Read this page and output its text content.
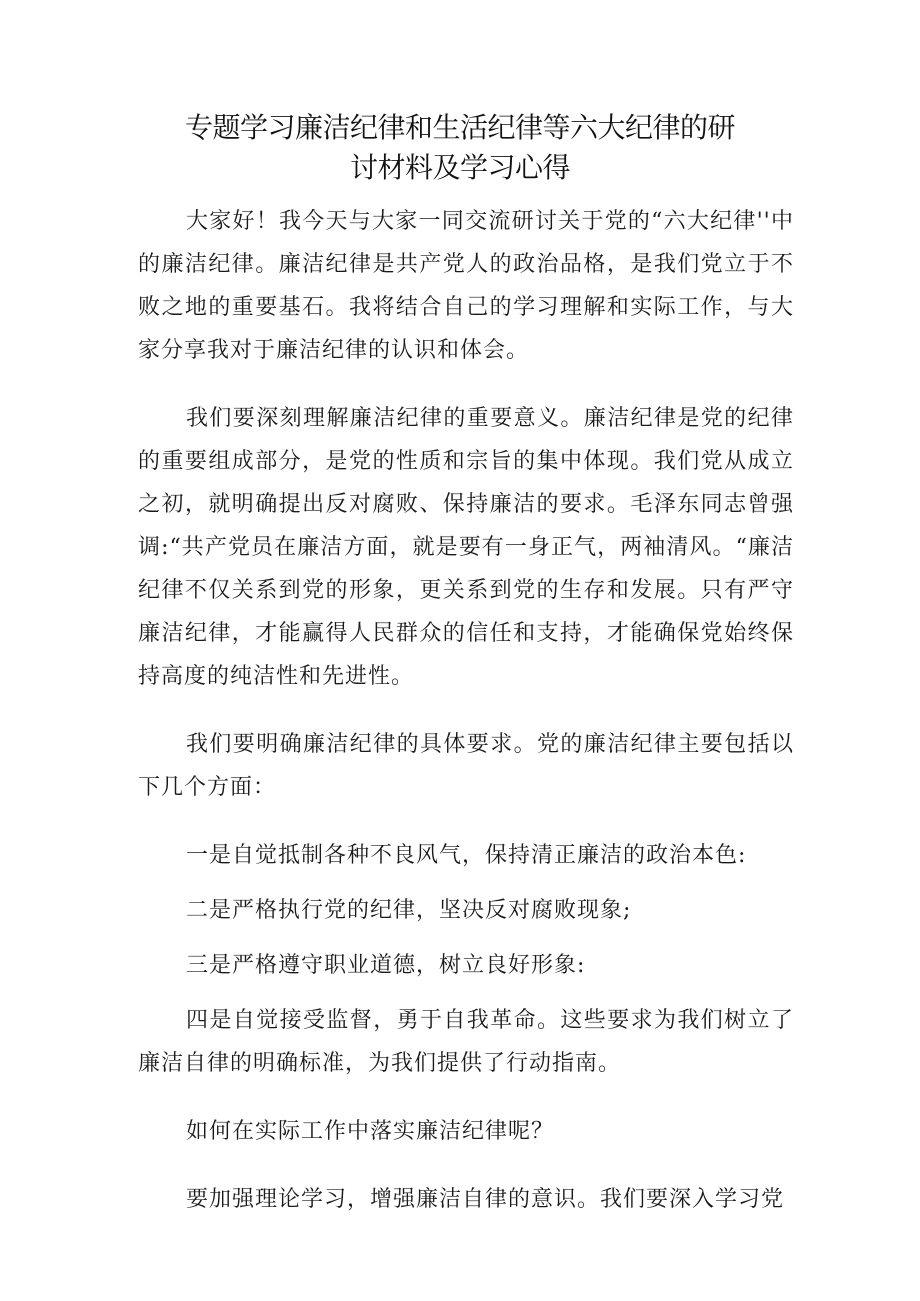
专题学习廉洁纪律和生活纪律等六大纪律的研
讨材料及学习心得

大家好！我今天与大家一同交流研讨关于党的“六大纪律''中的廉洁纪律。廉洁纪律是共产党人的政治品格，是我们党立于不败之地的重要基石。我将结合自己的学习理解和实际工作，与大家分享我对于廉洁纪律的认识和体会。

我们要深刻理解廉洁纪律的重要意义。廉洁纪律是党的纪律的重要组成部分，是党的性质和宗旨的集中体现。我们党从成立之初，就明确提出反对腐败、保持廉洁的要求。毛泽东同志曾强调:“共产党员在廉洁方面，就是要有一身正气，两袖清风。“廉洁纪律不仅关系到党的形象，更关系到党的生存和发展。只有严守廉洁纪律，才能赢得人民群众的信任和支持，才能确保党始终保持高度的纯洁性和先进性。

我们要明确廉洁纪律的具体要求。党的廉洁纪律主要包括以下几个方面：

一是自觉抵制各种不良风气，保持清正廉洁的政治本色:

二是严格执行党的纪律，坚决反对腐败现象;

三是严格遵守职业道德，树立良好形象:

四是自觉接受监督，勇于自我革命。这些要求为我们树立了廉洁自律的明确标准，为我们提供了行动指南。

如何在实际工作中落实廉洁纪律呢？

要加强理论学习，增强廉洁自律的意识。我们要深入学习党
